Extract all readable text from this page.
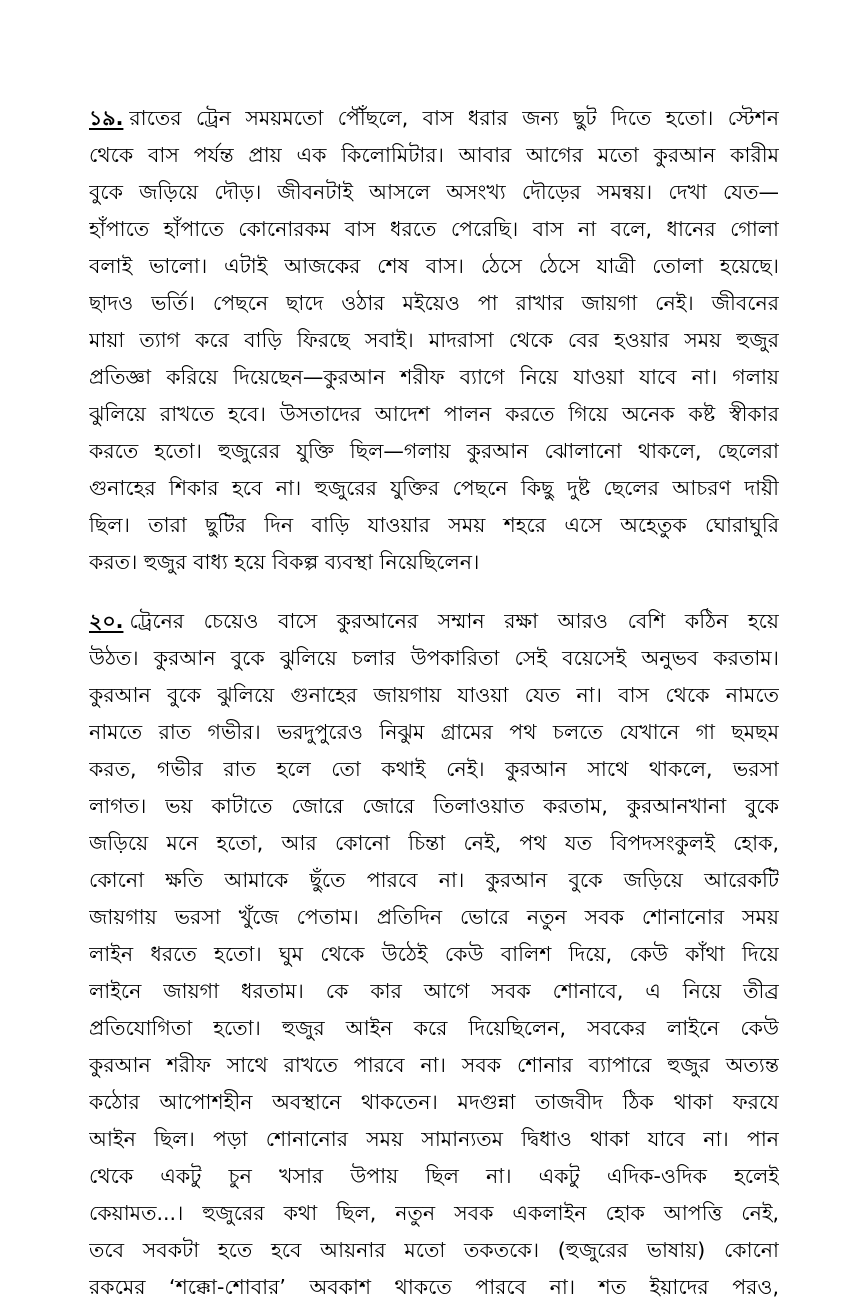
১৯. রাতের ট্রেন সময়মতো পৌঁছলে, বাস ধরার জন্য ছুট দিতে হতো। স্টেশন
থেকে বাস পর্যন্ত প্রায় এক কিলোমিটার। আবার আগের মতো কুরআন কারীম
বুকে জড়িয়ে দৌড়। জীবনটাই আসলে অসংখ্য দৌড়ের সমন্বয়। দেখা যেত—
হাঁপাতে হাঁপাতে কোনোরকম বাস ধরতে পেরেছি। বাস না বলে, ধানের গোলা
বলাই ভালো। এটাই আজকের শেষ বাস। ঠেসে ঠেসে যাত্রী তোলা হয়েছে।
ছাদও ভর্তি। পেছনে ছাদে ওঠার মইয়েও পা রাখার জায়গা নেই। জীবনের
মায়া ত্যাগ করে বাড়ি ফিরছে সবাই। মাদরাসা থেকে বের হওয়ার সময় হুজুর
প্রতিজ্ঞা করিয়ে দিয়েছেন—কুরআন শরীফ ব্যাগে নিয়ে যাওয়া যাবে না। গলায়
ঝুলিয়ে রাখতে হবে। উসতাদের আদেশ পালন করতে গিয়ে অনেক কষ্ট স্বীকার
করতে হতো। হুজুরের যুক্তি ছিল—গলায় কুরআন ঝোলানো থাকলে, ছেলেরা
গুনাহের শিকার হবে না। হুজুরের যুক্তির পেছনে কিছু দুষ্ট ছেলের আচরণ দায়ী
ছিল। তারা ছুটির দিন বাড়ি যাওয়ার সময় শহরে এসে অহেতুক ঘোরাঘুরি
করত। হুজুর বাধ্য হয়ে বিকল্প ব্যবস্থা নিয়েছিলেন।
২০. ট্রেনের চেয়েও বাসে কুরআনের সম্মান রক্ষা আরও বেশি কঠিন হয়ে
উঠত। কুরআন বুকে ঝুলিয়ে চলার উপকারিতা সেই বয়েসেই অনুভব করতাম।
কুরআন বুকে ঝুলিয়ে গুনাহের জায়গায় যাওয়া যেত না। বাস থেকে নামতে
নামতে রাত গভীর। ভরদুপুরেও নিঝুম গ্রামের পথ চলতে যেখানে গা ছমছম
করত, গভীর রাত হলে তো কথাই নেই। কুরআন সাথে থাকলে, ভরসা
লাগত। ভয় কাটাতে জোরে জোরে তিলাওয়াত করতাম, কুরআনখানা বুকে
জড়িয়ে মনে হতো, আর কোনো চিন্তা নেই, পথ যত বিপদসংকুলই হোক,
কোনো ক্ষতি আমাকে ছুঁতে পারবে না। কুরআন বুকে জড়িয়ে আরেকটি
জায়গায় ভরসা খুঁজে পেতাম। প্রতিদিন ভোরে নতুন সবক শোনানোর সময়
লাইন ধরতে হতো। ঘুম থেকে উঠেই কেউ বালিশ দিয়ে, কেউ কাঁথা দিয়ে
লাইনে জায়গা ধরতাম। কে কার আগে সবক শোনাবে, এ নিয়ে তীব্র
প্রতিযোগিতা হতো। হুজুর আইন করে দিয়েছিলেন, সবকের লাইনে কেউ
কুরআন শরীফ সাথে রাখতে পারবে না। সবক শোনার ব্যাপারে হুজুর অত্যন্ত
কঠোর আপোশহীন অবস্থানে থাকতেন। মদগুন্না তাজবীদ ঠিক থাকা ফরযে
আইন ছিল। পড়া শোনানোর সময় সামান্যতম দ্বিধাও থাকা যাবে না। পান
থেকে একটু চুন খসার উপায় ছিল না। একটু এদিক-ওদিক হলেই
কেয়ামত...। হুজুরের কথা ছিল, নতুন সবক একলাইন হোক আপত্তি নেই,
তবে সবকটা হতে হবে আয়নার মতো তকতকে। (হুজুরের ভাষায়) কোনো
রকমের ‘শক্কো-শোবার’ অবকাশ থাকতে পারবে না। শত ইয়াদের পরও,
